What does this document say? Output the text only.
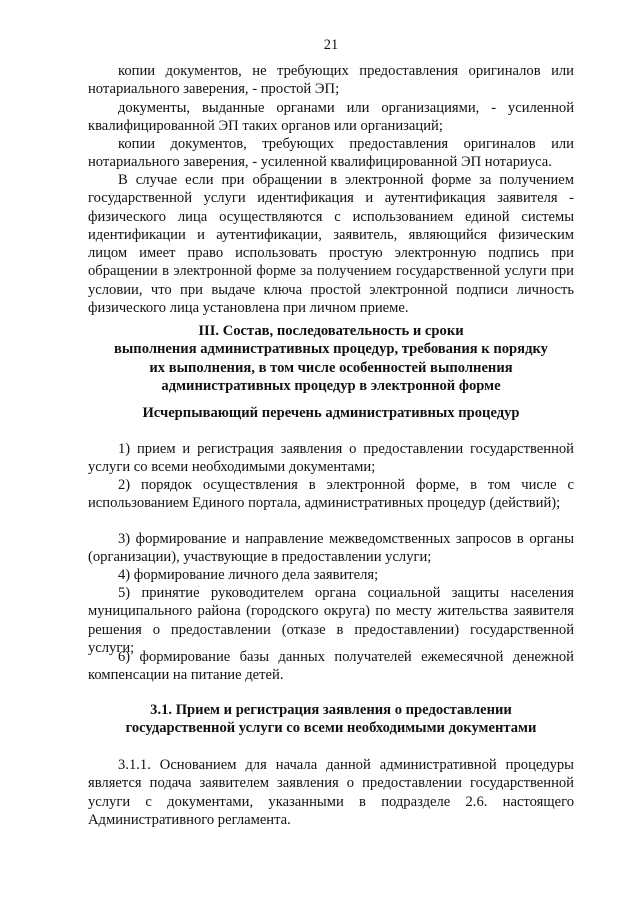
21

копии документов, не требующих предоставления оригиналов или нотариального заверения, - простой ЭП;

документы, выданные органами или организациями, - усиленной квалифицированной ЭП таких органов или организаций;

копии документов, требующих предоставления оригиналов или нотариального заверения, - усиленной квалифицированной ЭП нотариуса.

В случае если при обращении в электронной форме за получением государственной услуги идентификация и аутентификация заявителя - физического лица осуществляются с использованием единой системы идентификации и аутентификации, заявитель, являющийся физическим лицом имеет право использовать простую электронную подпись при обращении в электронной форме за получением государственной услуги при условии, что при выдаче ключа простой электронной подписи личность физического лица установлена при личном приеме.

III. Состав, последовательность и сроки
выполнения административных процедур, требования к порядку
их выполнения, в том числе особенностей выполнения
административных процедур в электронной форме
Исчерпывающий перечень административных процедур

1) прием и регистрация заявления о предоставлении государственной услуги со всеми необходимыми документами;

2) порядок осуществления в электронной форме, в том числе с использованием Единого портала, административных процедур (действий);

3) формирование и направление межведомственных запросов в органы (организации), участвующие в предоставлении услуги;

4) формирование личного дела заявителя;

5) принятие руководителем органа социальной защиты населения муниципального района (городского округа) по месту жительства заявителя решения о предоставлении (отказе в предоставлении) государственной услуги;

6) формирование базы данных получателей ежемесячной денежной компенсации на питание детей.

3.1. Прием и регистрация заявления о предоставлении
государственной услуги со всеми необходимыми документами

3.1.1. Основанием для начала данной административной процедуры является подача заявителем заявления о предоставлении государственной услуги с документами, указанными в подразделе 2.6. настоящего Административного регламента.
